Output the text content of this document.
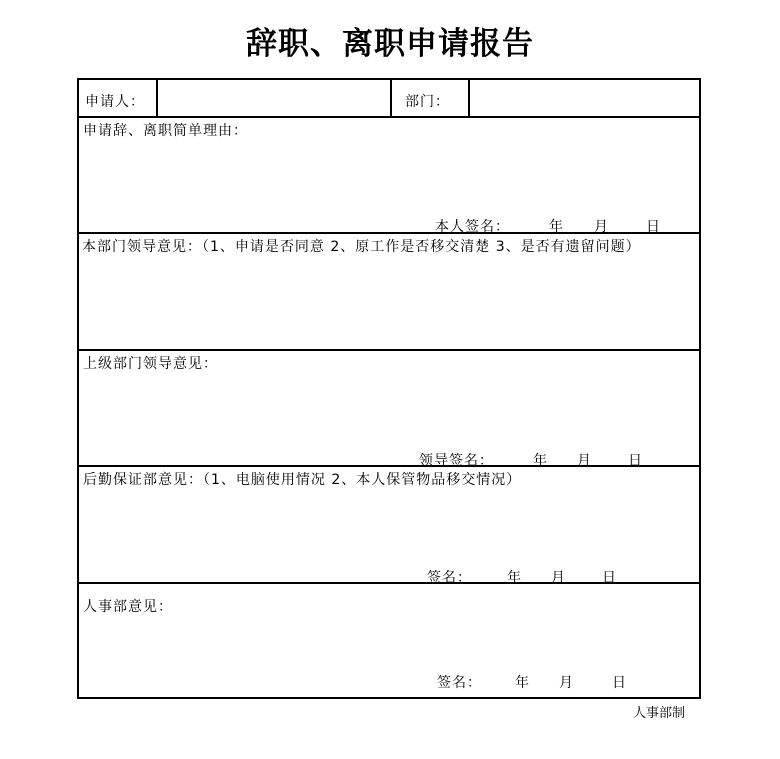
辞职、离职申请报告
申请人：	部门：
申请辞、离职简单理由：
本人签名：	年 月	日
本部门领导意见：（1、申请是否同意 2、原工作是否移交清楚 3、是否有遗留问题）
上级部门领导意见：
领导签名：	年 月	日
后勤保证部意见：（1、电脑使用情况 2、本人保管物品移交情况）
签名：	年 月	日
人事部意见：
签名： 年 月	日
人事部制
